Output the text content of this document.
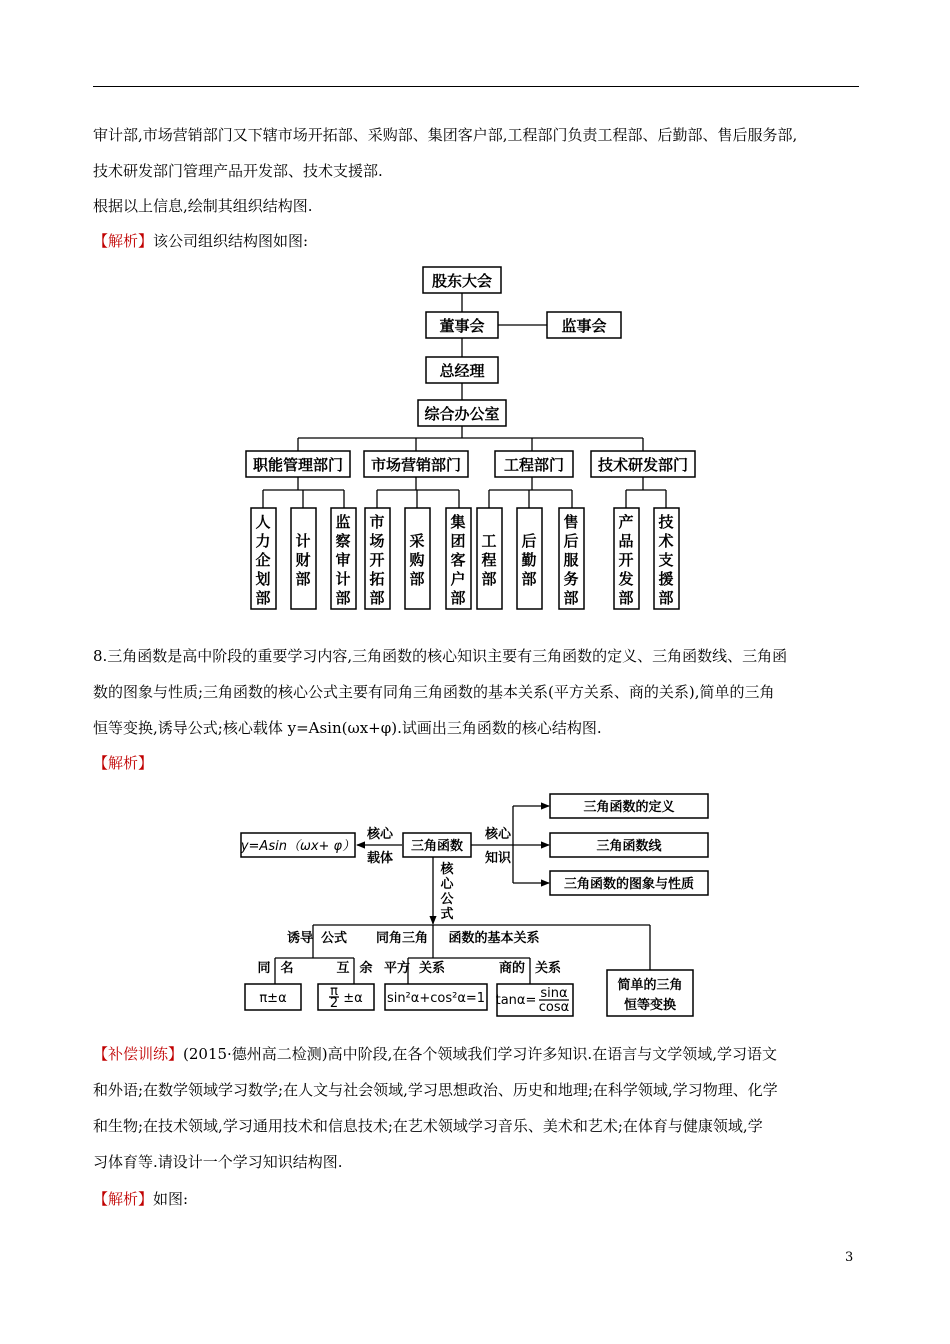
审计部,市场营销部门又下辖市场开拓部、采购部、集团客户部,工程部门负责工程部、后勤部、售后服务部,
技术研发部门管理产品开发部、技术支援部.
根据以上信息,绘制其组织结构图.
【解析】该公司组织结构图如图:
8.三角函数是高中阶段的重要学习内容,三角函数的核心知识主要有三角函数的定义、三角函数线、三角函
数的图象与性质;三角函数的核心公式主要有同角三角函数的基本关系(平方关系、商的关系),简单的三角
恒等变换,诱导公式;核心载体 y=Asin(ωx+φ).试画出三角函数的核心结构图.
【解析】
【补偿训练】(2015·德州高二检测)高中阶段,在各个领域我们学习许多知识.在语言与文学领域,学习语文
和外语;在数学领域学习数学;在人文与社会领域,学习思想政治、历史和地理;在科学领域,学习物理、化学
和生物;在技术领域,学习通用技术和信息技术;在艺术领域学习音乐、美术和艺术;在体育与健康领域,学
习体育等.请设计一个学习知识结构图.
【解析】如图:
3
股东大会
董事会	监事会
总经理
综合办公室
职能管理部门
人力企划部
计财部
监察审计部
市场营销部门
市场开拓部
采购部
集团客户部
工程部门
工程部
后勤部
售后服务部
技术研发部门
产品开发部
技术支援部
y=Asin（ωx+ φ）
核心
载体
三角函数
核心
知识
三角函数的定义
三角函数线
三角函数的图象与性质
核心公式
诱导 公式 同角三角 函数的基本关系
同 名	互 余
π±α	π
2 ±α
平方 关系	商的 关系
sin²α+cos²α=1 tanα= sinα
cosα
简单的三角
恒等变换
